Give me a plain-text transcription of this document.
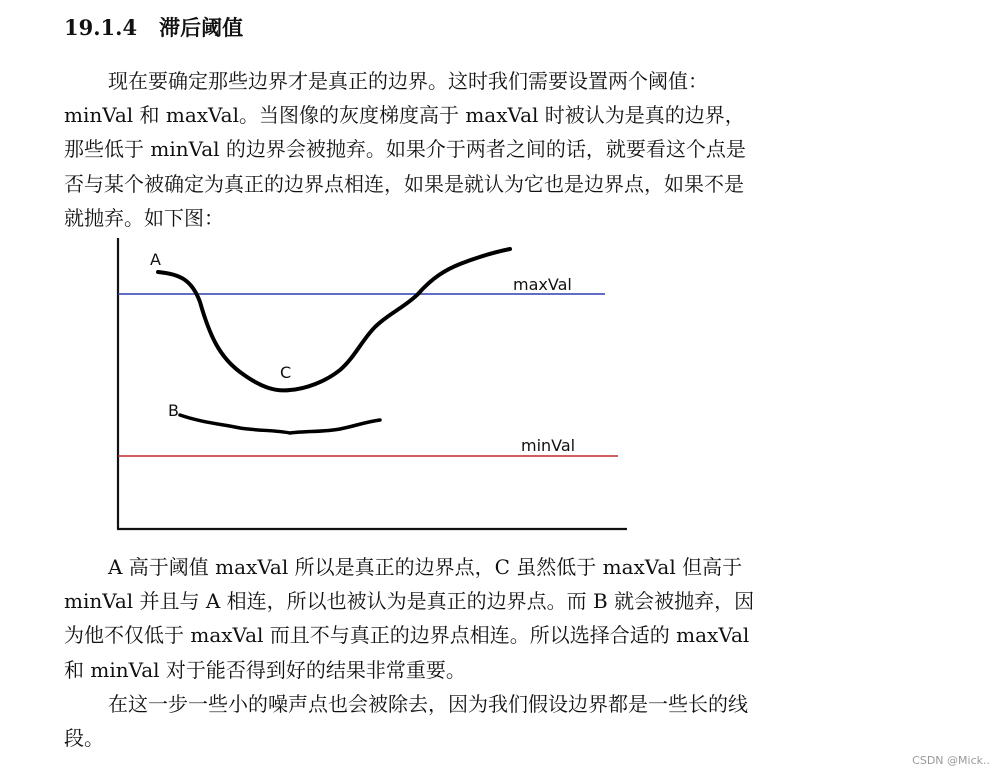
19.1.4 滞后阈值
现在要确定那些边界才是真正的边界。这时我们需要设置两个阈值：
minVal 和 maxVal。当图像的灰度梯度高于 maxVal 时被认为是真的边界，
那些低于 minVal 的边界会被抛弃。如果介于两者之间的话，就要看这个点是
否与某个被确定为真正的边界点相连，如果是就认为它也是边界点，如果不是
就抛弃。如下图：
A
B
C
maxVal
minVal
A 高于阈值 maxVal 所以是真正的边界点，C 虽然低于 maxVal 但高于
minVal 并且与 A 相连，所以也被认为是真正的边界点。而 B 就会被抛弃，因
为他不仅低于 maxVal 而且不与真正的边界点相连。所以选择合适的 maxVal
和 minVal 对于能否得到好的结果非常重要。
在这一步一些小的噪声点也会被除去，因为我们假设边界都是一些长的线
段。
CSDN @Mick..
